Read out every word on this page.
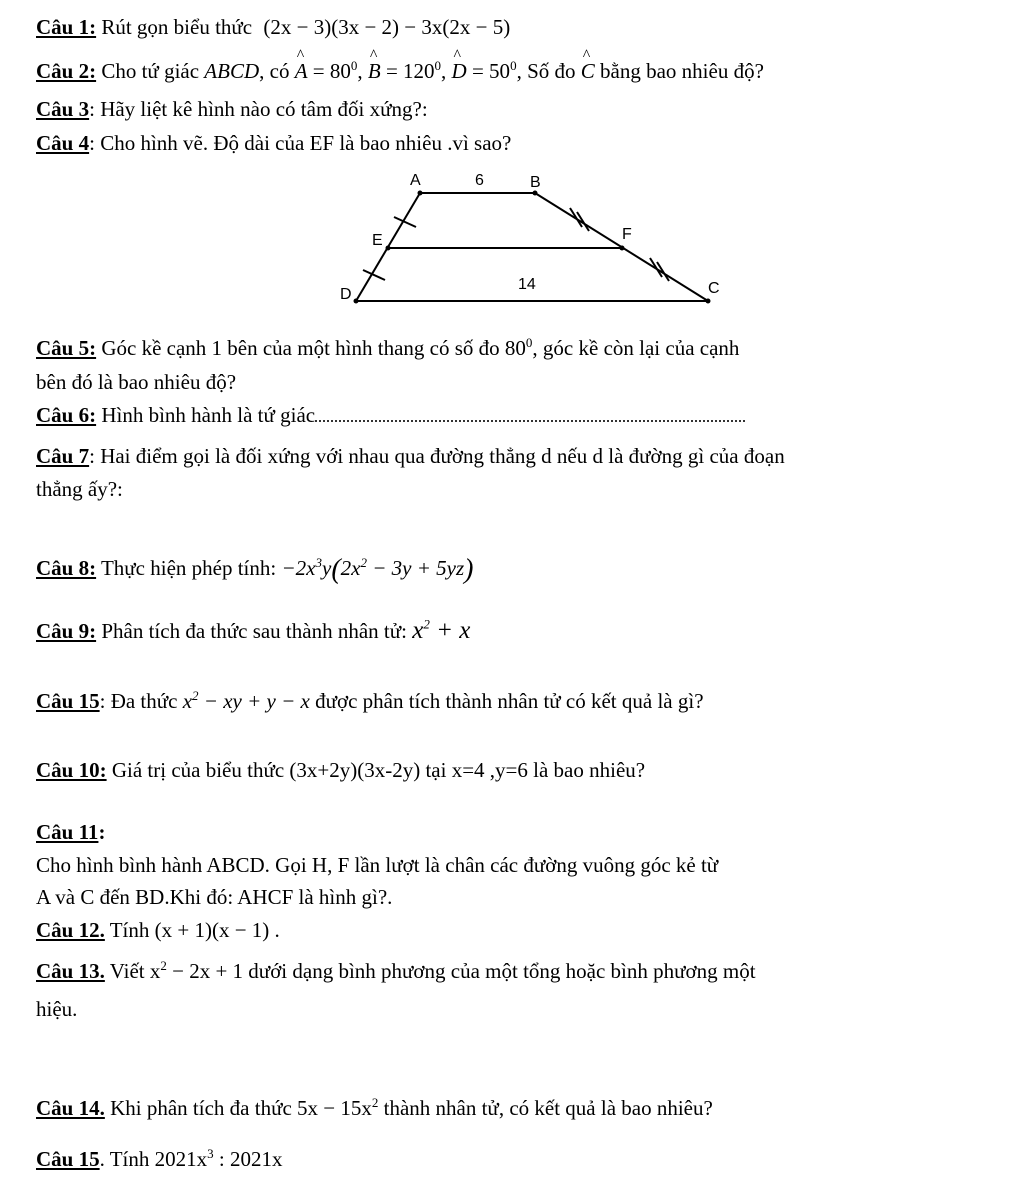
Câu 1: Rút gọn biểu thức (2x − 3)(3x − 2) − 3x(2x − 5)
Câu 2: Cho tứ giác ABCD, có ^ $A = 80^0$, ^ $B = 120^0$, ^ $D = 50^0$, Số đo ^ C bằng bao nhiêu độ?
Câu 3: Hãy liệt kê hình nào có tâm đối xứng?:
Câu 4: Cho hình vẽ. Độ dài của EF là bao nhiêu .vì sao?
A	B
E	F
D	C
6
14
Câu 5: Góc kề cạnh 1 bên của một hình thang có số đo $80^0$, góc kề còn lại của cạnh
bên đó là bao nhiêu độ?
Câu 6: Hình bình hành là tứ giác
Câu 7: Hai điểm gọi là đối xứng với nhau qua đường thẳng d nếu d là đường gì của đoạn
thẳng ấy?:
Câu 8: Thực hiện phép tính: $-2x^3y(2x^2 - 3y + 5yz)$
Câu 9: Phân tích đa thức sau thành nhân tử: $x^2 + x$
Câu 15: Đa thức $x^2$ − xy + y − x được phân tích thành nhân tử có kết quả là gì?
Câu 10: Giá trị của biểu thức (3x+2y)(3x-2y) tại x=4 ,y=6 là bao nhiêu?
Câu 11:
Cho hình bình hành ABCD. Gọi H, F lần lượt là chân các đường vuông góc kẻ từ
A và C đến BD.Khi đó: AHCF là hình gì?.
Câu 12. Tính (x + 1)(x − 1) .
Câu 13. Viết $x^2 - 2x + 1$ dưới dạng bình phương của một tổng hoặc bình phương một
hiệu.
Câu 14. Khi phân tích đa thức $5x - 15x^2$ thành nhân tử, có kết quả là bao nhiêu?
Câu 15. Tính $2021x^3$ : 2021x
